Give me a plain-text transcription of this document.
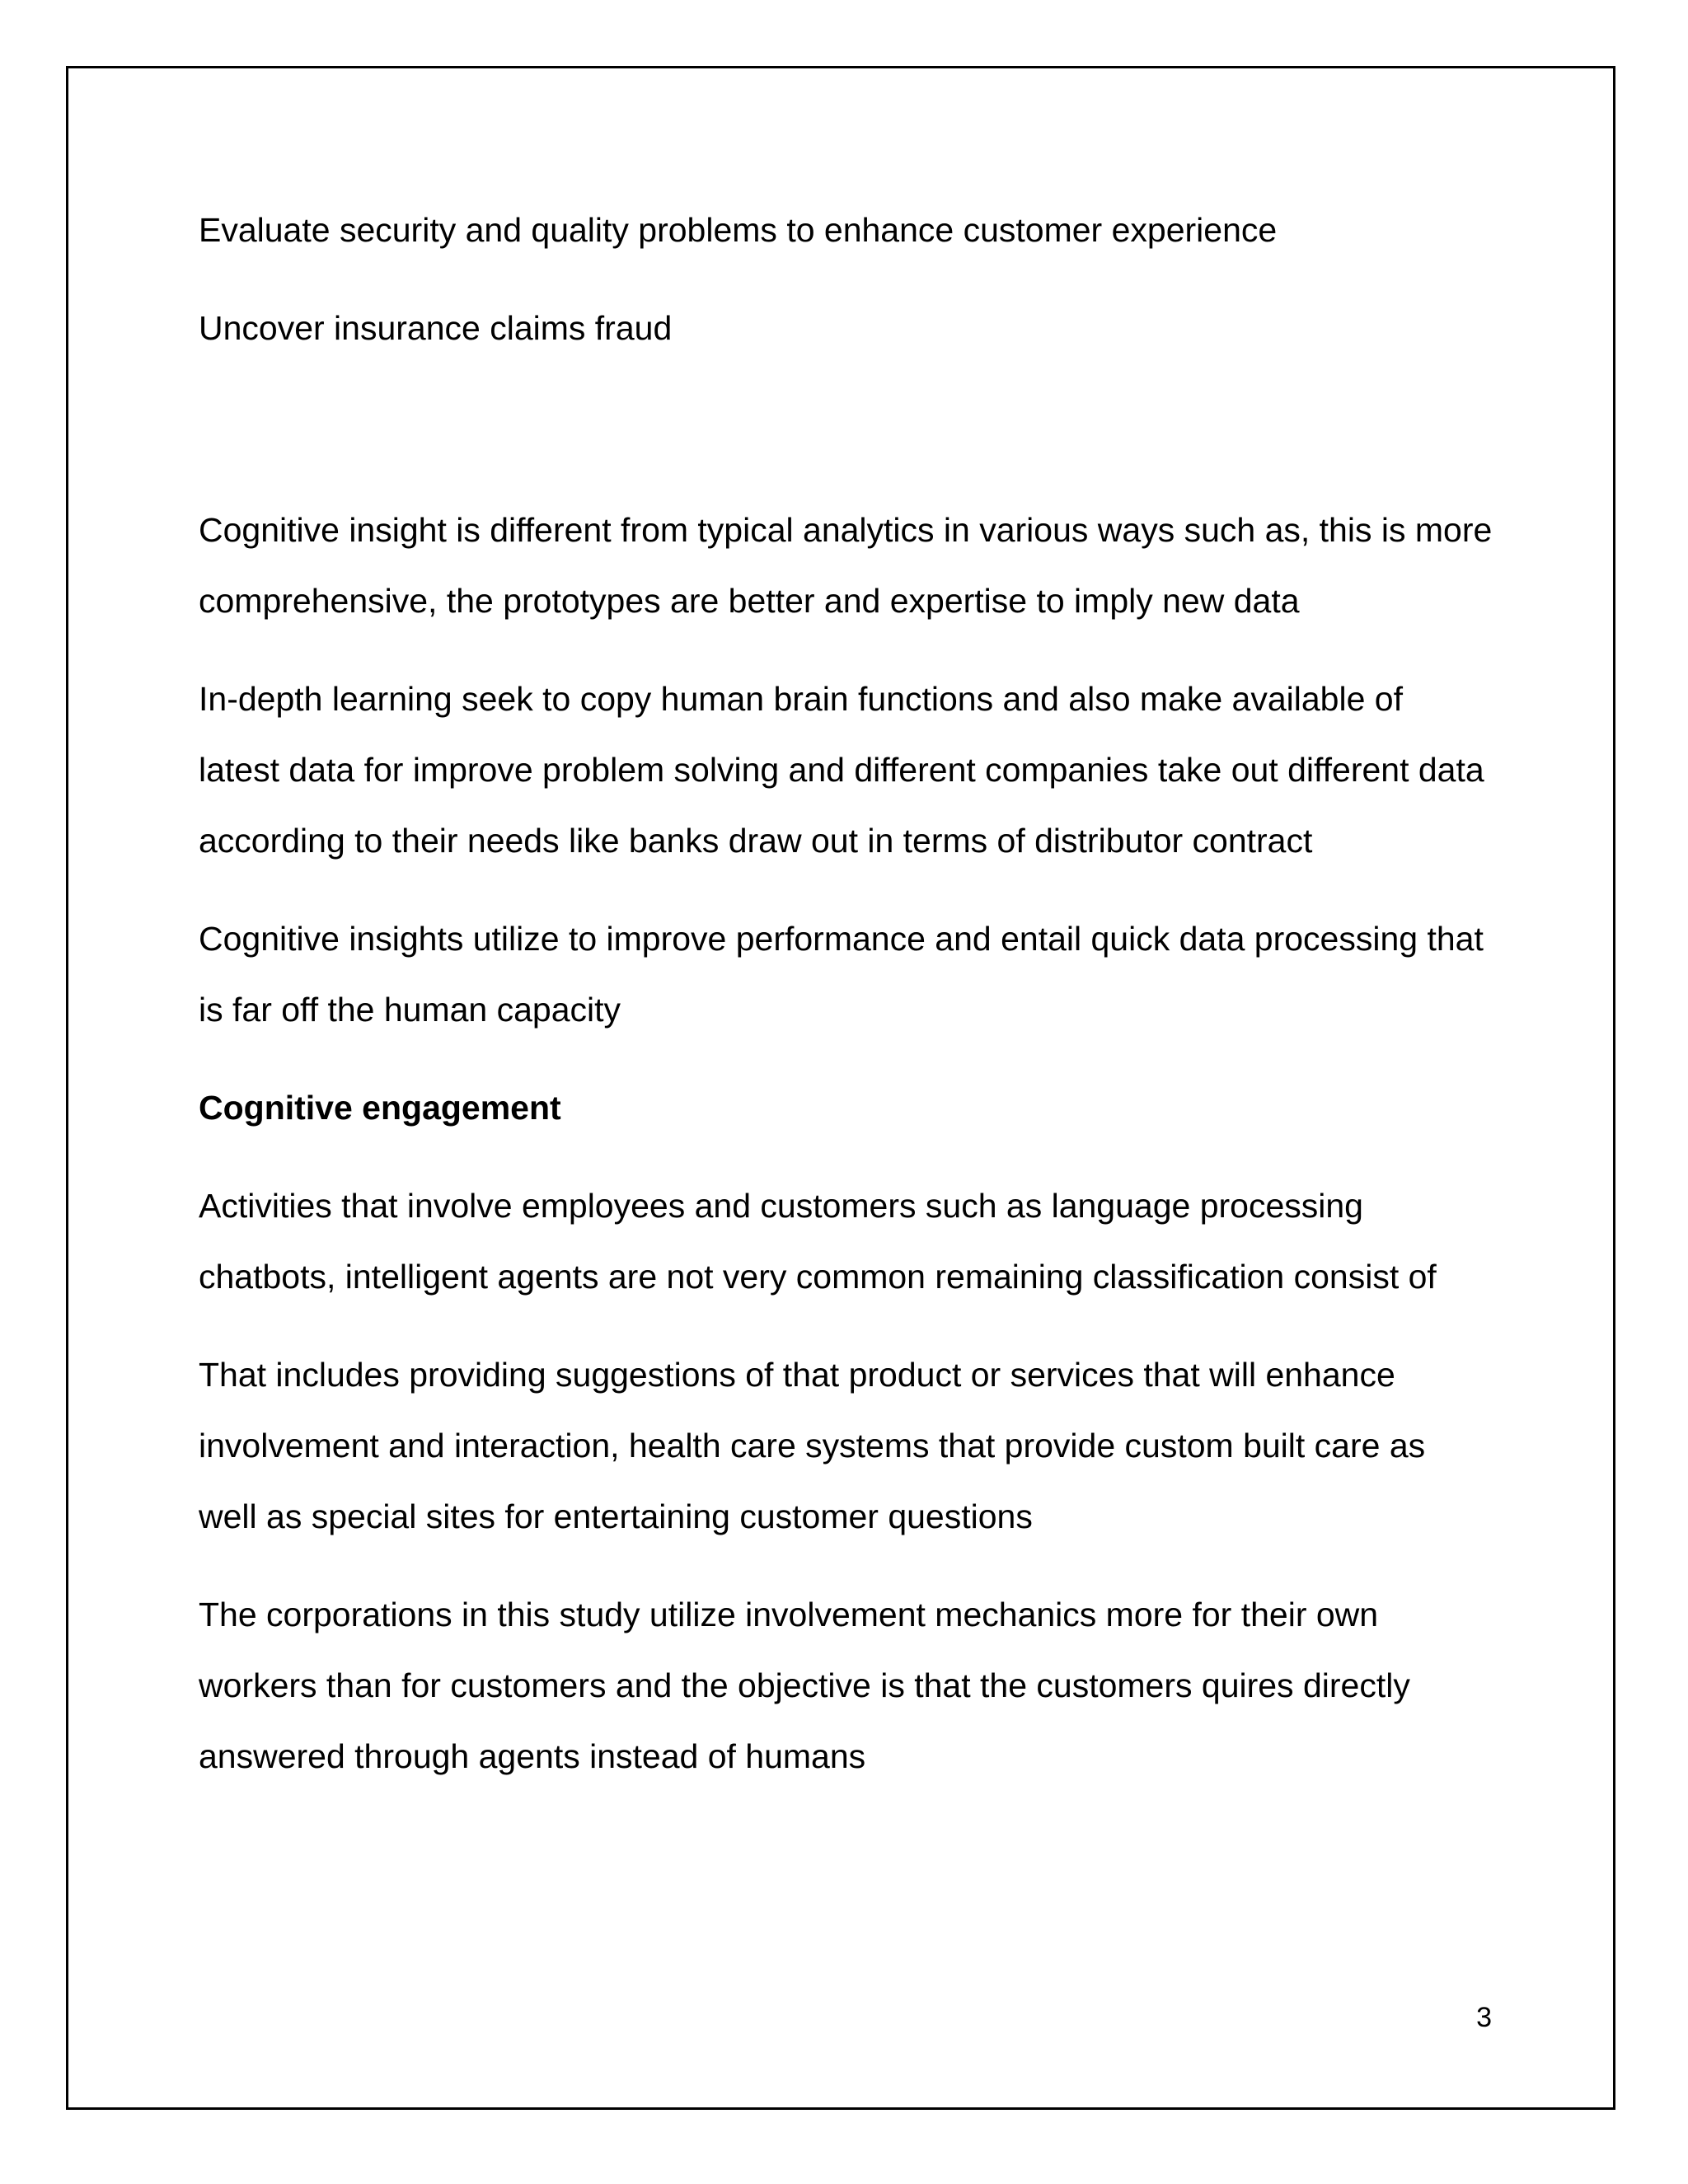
Evaluate security and quality problems to enhance customer experience

Uncover insurance claims fraud

Cognitive insight is different from typical analytics in various ways such as, this is more comprehensive, the prototypes are better and expertise to imply new data

In-depth learning seek to copy human brain functions and also make available of latest data for improve problem solving and different companies take out different data according to their needs like banks draw out in terms of distributor contract

Cognitive insights utilize to improve performance and entail quick data processing that is far off the human capacity

Cognitive engagement

Activities that involve employees and customers such as language processing chatbots, intelligent agents are not very common remaining classification consist of

That includes providing suggestions of that product or services that will enhance involvement and interaction, health care systems that provide custom built care as well as special sites for entertaining customer questions

The corporations in this study utilize involvement mechanics more for their own workers than for customers and the objective is that the customers quires directly answered through agents instead of humans

3
